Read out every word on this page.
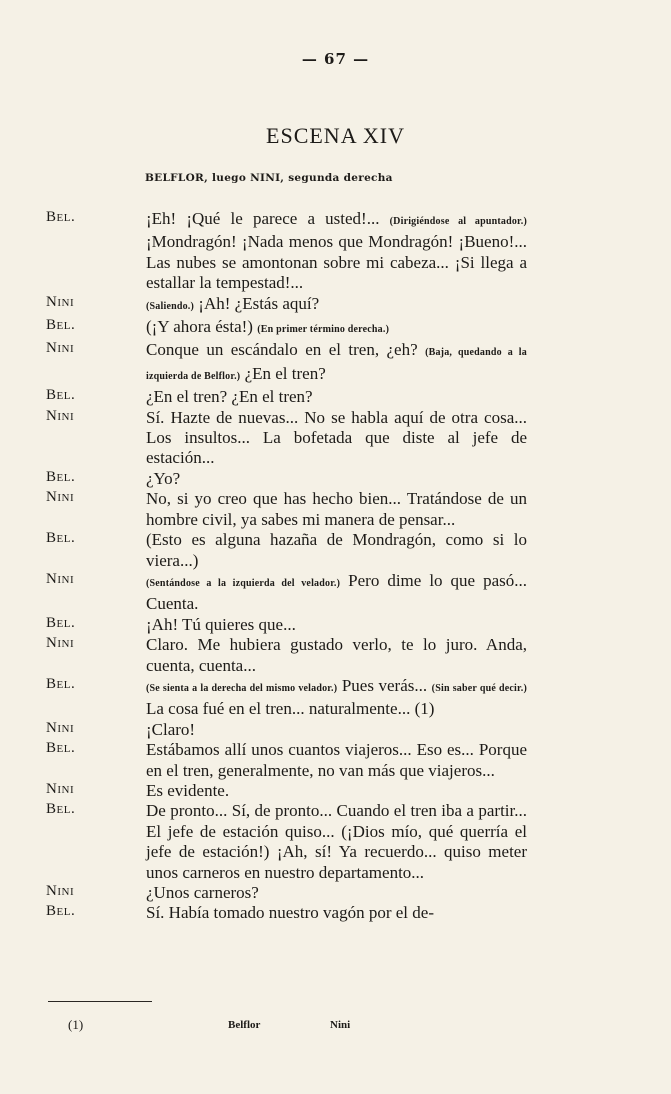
— 67 —
ESCENA XIV
BELFLOR, luego NINI, segunda derecha
Bel.	¡Eh! ¡Qué le parece a usted!... (Dirigiéndose al apuntador.) ¡Mondragón! ¡Nada menos que Mondragón! ¡Bueno!... Las nubes se amontonan sobre mi cabeza... ¡Si llega a estallar la tempestad!...
Nini	(Saliendo.) ¡Ah! ¿Estás aquí?
Bel.	(¡Y ahora ésta!) (En primer término derecha.)
Nini	Conque un escándalo en el tren, ¿eh? (Baja, quedando a la izquierda de Belflor.) ¿En el tren?
Bel.	¿En el tren? ¿En el tren?
Nini	Sí. Hazte de nuevas... No se habla aquí de otra cosa... Los insultos... La bofetada que diste al jefe de estación...
Bel.	¿Yo?
Nini	No, si yo creo que has hecho bien... Tratándose de un hombre civil, ya sabes mi manera de pensar...
Bel.	(Esto es alguna hazaña de Mondragón, como si lo viera...)
Nini	(Sentándose a la izquierda del velador.) Pero dime lo que pasó... Cuenta.
Bel.	¡Ah! Tú quieres que...
Nini	Claro. Me hubiera gustado verlo, te lo juro. Anda, cuenta, cuenta...
Bel.	(Se sienta a la derecha del mismo velador.) Pues verás... (Sin saber qué decir.) La cosa fué en el tren... naturalmente... (1)
Nini	¡Claro!
Bel.	Estábamos allí unos cuantos viajeros... Eso es... Porque en el tren, generalmente, no van más que viajeros...
Nini	Es evidente.
Bel.	De pronto... Sí, de pronto... Cuando el tren iba a partir... El jefe de estación quiso... (¡Dios mío, qué querría el jefe de estación!) ¡Ah, sí! Ya recuerdo... quiso meter unos carneros en nuestro departamento...
Nini	¿Unos carneros?
Bel.	Sí. Había tomado nuestro vagón por el de-
(1)	Belflor	Nini
